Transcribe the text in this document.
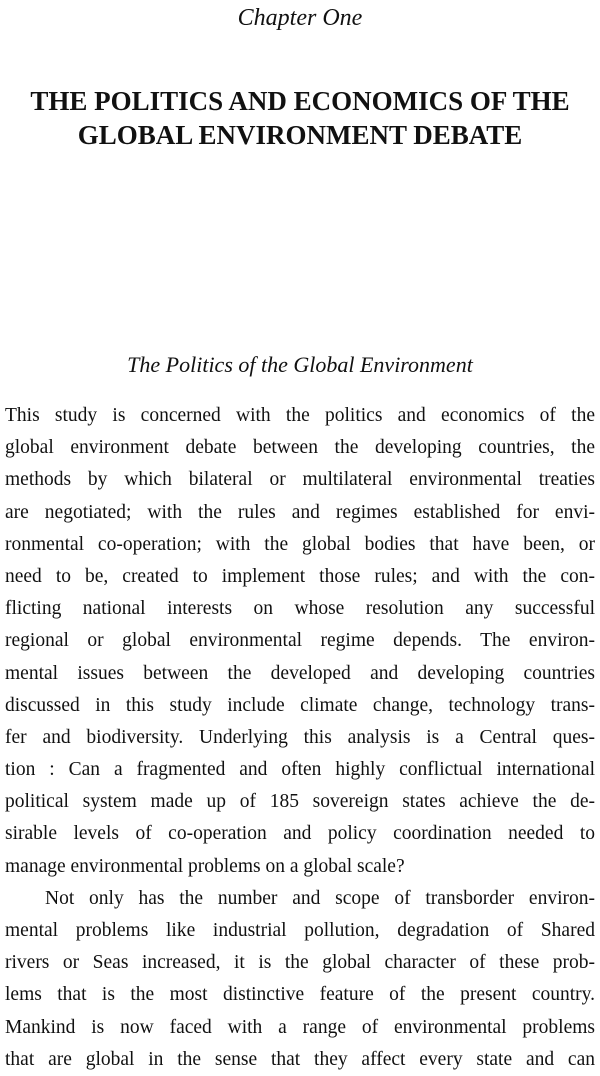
Chapter One
THE POLITICS AND ECONOMICS OF THE
GLOBAL ENVIRONMENT DEBATE
The Politics of the Global Environment
This study is concerned with the politics and economics of the
global environment debate between the developing countries, the
methods by which bilateral or multilateral environmental treaties
are negotiated; with the rules and regimes established for envi-
ronmental co-operation; with the global bodies that have been, or
need to be, created to implement those rules; and with the con-
flicting national interests on whose resolution any successful
regional or global environmental regime depends. The environ-
mental issues between the developed and developing countries
discussed in this study include climate change, technology trans-
fer and biodiversity. Underlying this analysis is a Central ques-
tion : Can a fragmented and often highly conflictual international
political system made up of 185 sovereign states achieve the de-
sirable levels of co-operation and policy coordination needed to
manage environmental problems on a global scale?
Not only has the number and scope of transborder environ-
mental problems like industrial pollution, degradation of Shared
rivers or Seas increased, it is the global character of these prob-
lems that is the most distinctive feature of the present country.
Mankind is now faced with a range of environmental problems
that are global in the sense that they affect every state and can
